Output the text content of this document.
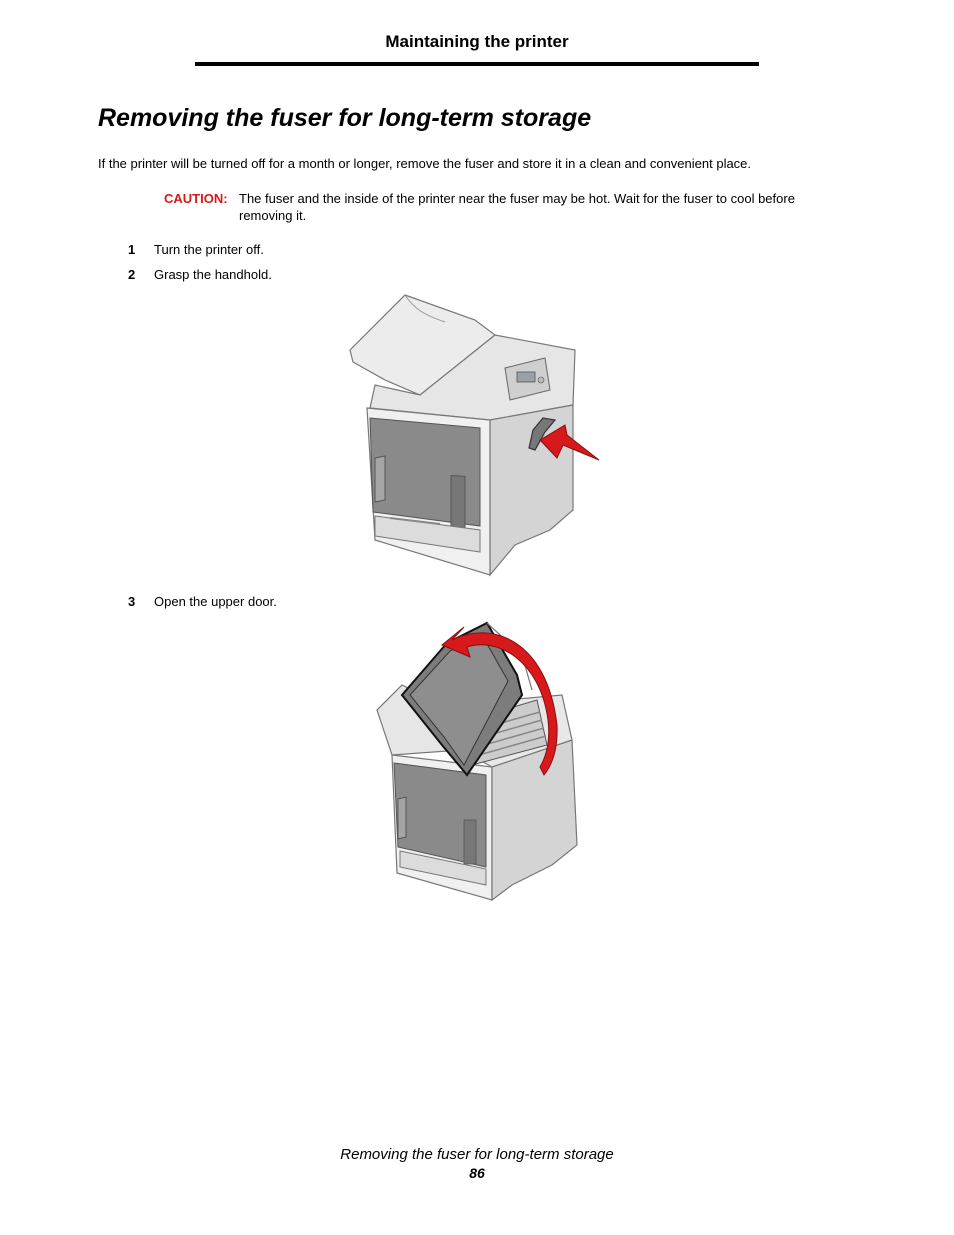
Maintaining the printer
Removing the fuser for long-term storage

If the printer will be turned off for a month or longer, remove the fuser and store it in a clean and convenient place.

CAUTION: The fuser and the inside of the printer near the fuser may be hot. Wait for the fuser to cool before removing it.
1 Turn the printer off.
2 Grasp the handhold.
3 Open the upper door.
Removing the fuser for long-term storage
86
